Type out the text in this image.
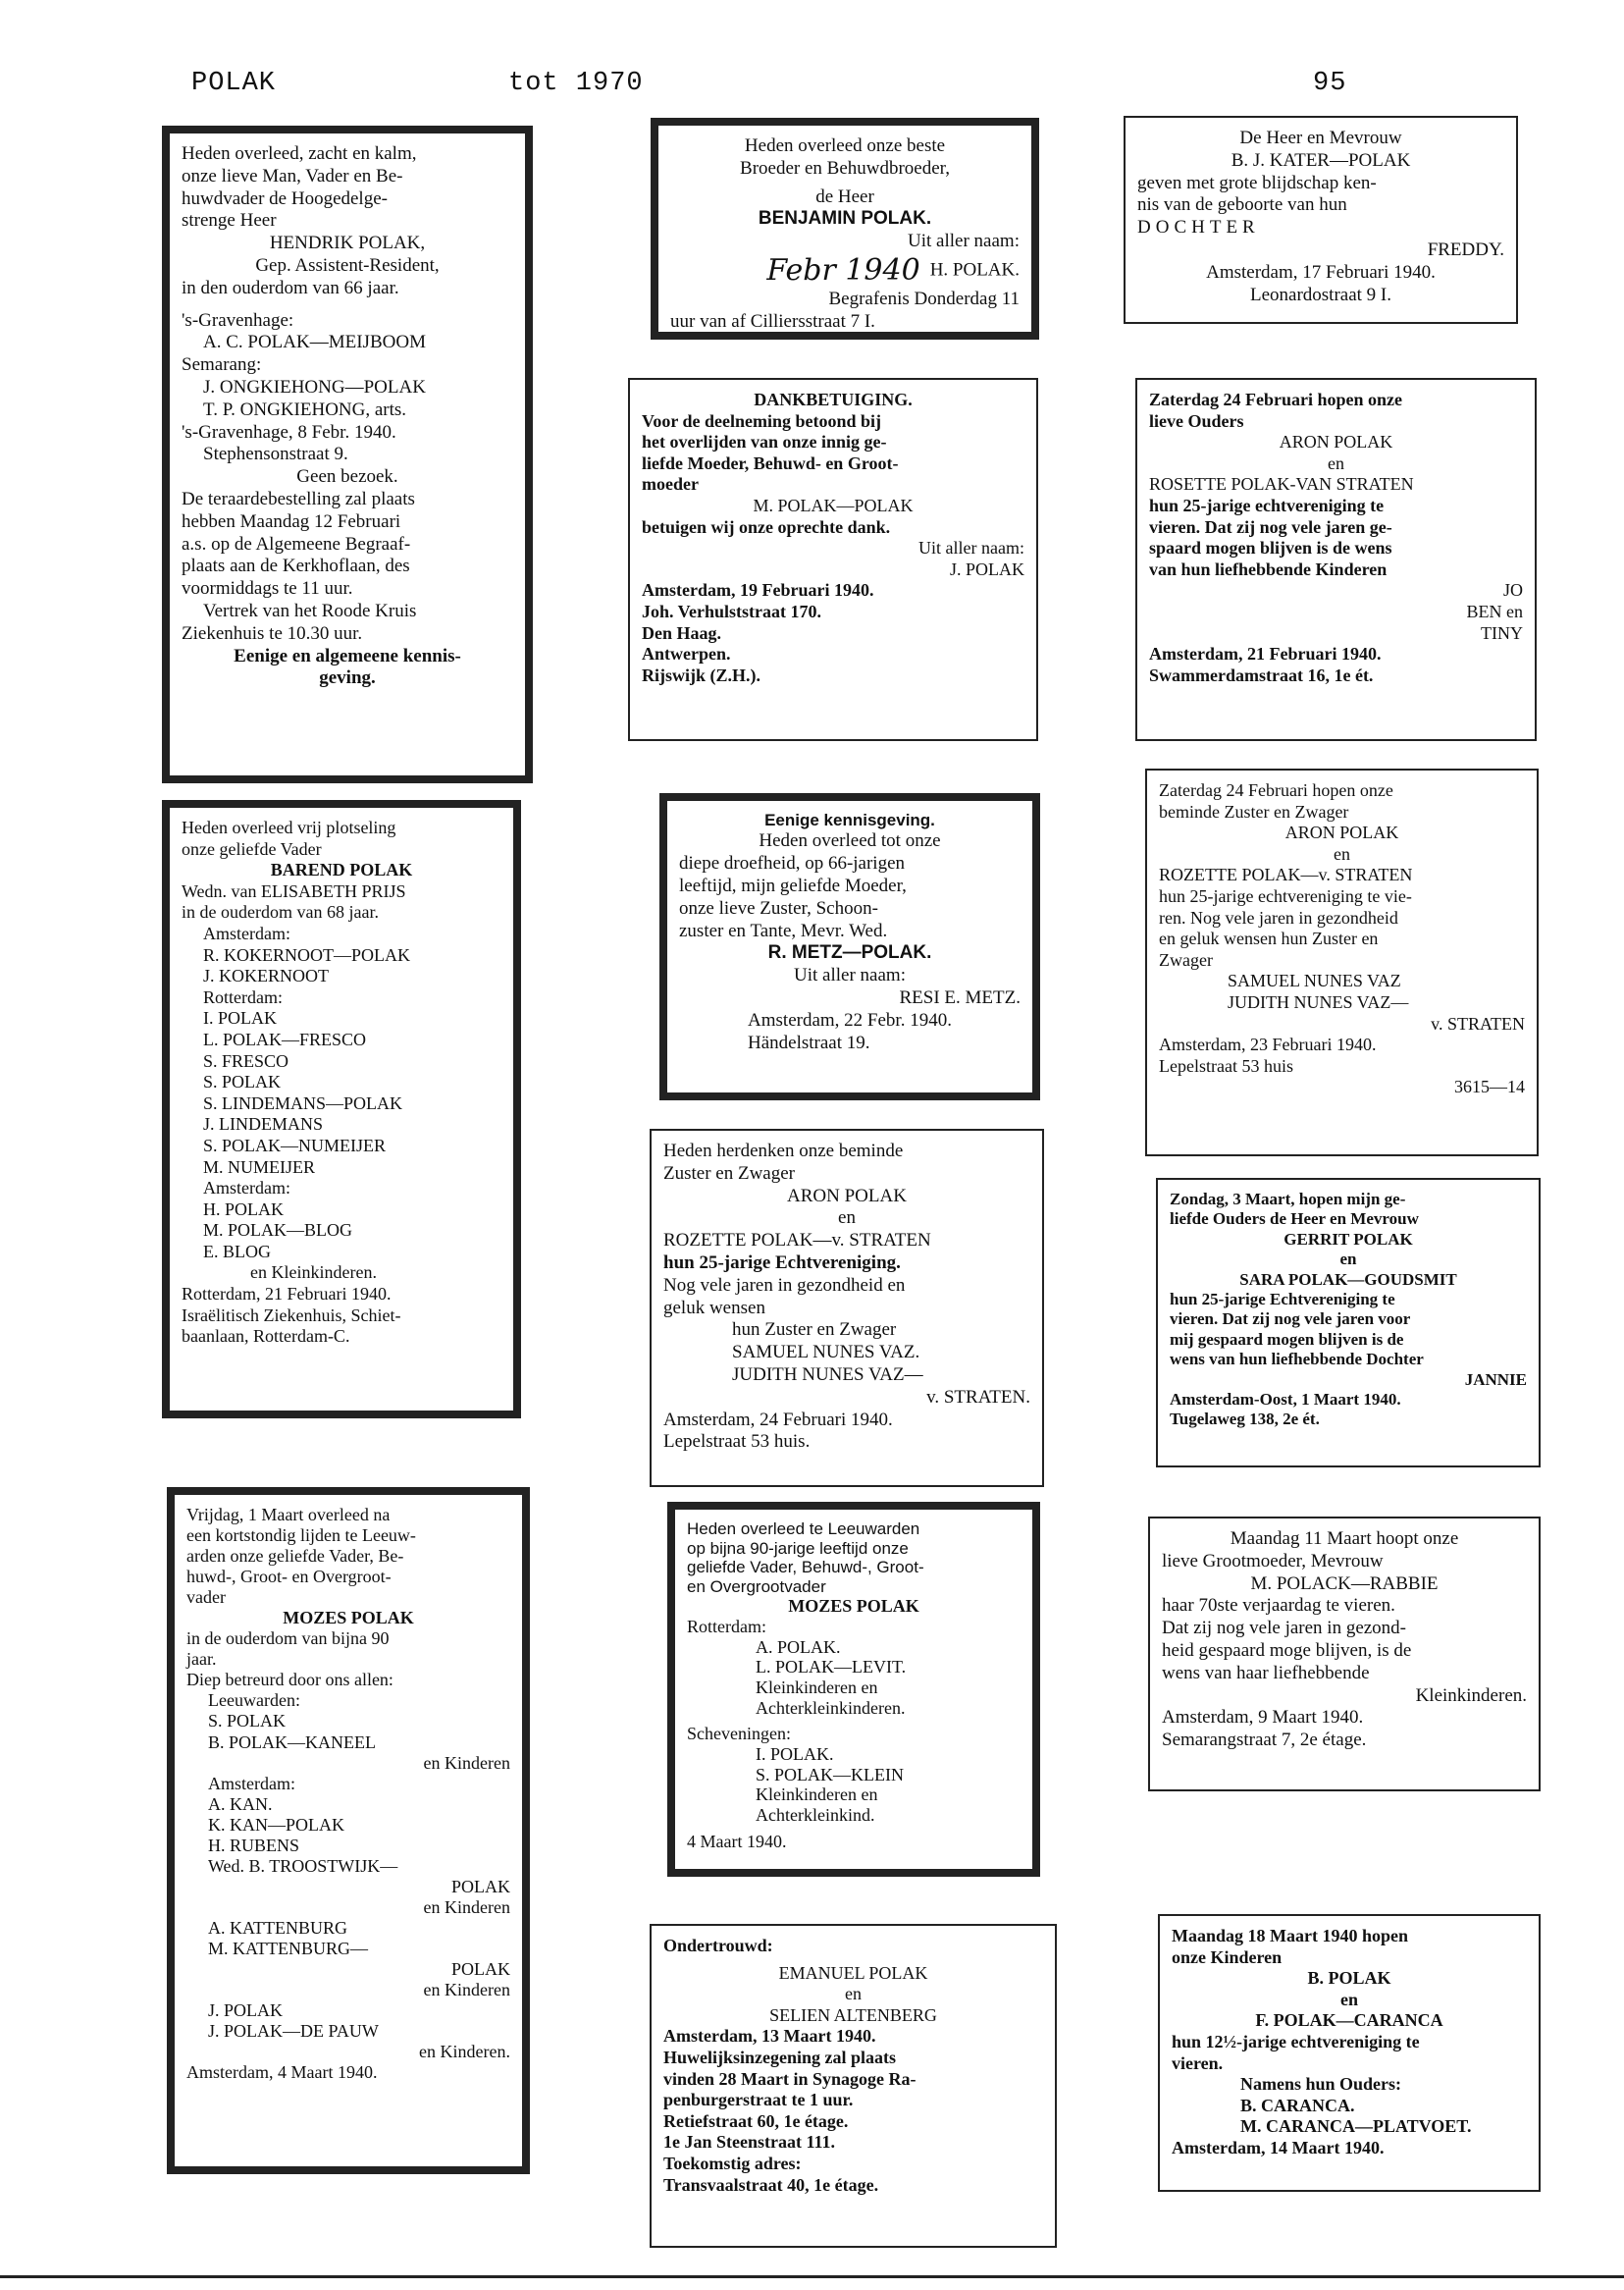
POLAK	tot 1970	95
Heden overleed, zacht en kalm,
onze lieve Man, Vader en Be-
huwdvader de Hoogedelge-
strenge Heer
HENDRIK POLAK,
Gep. Assistent-Resident,
in den ouderdom van 66 jaar.
's-Gravenhage:
A. C. POLAK—MEIJBOOM
Semarang:
J. ONGKIEHONG—POLAK
T. P. ONGKIEHONG, arts.
's-Gravenhage, 8 Febr. 1940.
Stephensonstraat 9.
Geen bezoek.
De teraardebestelling zal plaats
hebben Maandag 12 Februari
a.s. op de Algemeene Begraaf-
plaats aan de Kerkhoflaan, des
voormiddags te 11 uur.
Vertrek van het Roode Kruis
Ziekenhuis te 10.30 uur.
Eenige en algemeene kennis-
geving.
Heden overleed vrij plotseling
onze geliefde Vader
BAREND POLAK
Wedn. van ELISABETH PRIJS
in de ouderdom van 68 jaar.
Amsterdam:
R. KOKERNOOT—POLAK
J. KOKERNOOT
Rotterdam:
I. POLAK
L. POLAK—FRESCO
S. FRESCO
S. POLAK
S. LINDEMANS—POLAK
J. LINDEMANS
S. POLAK—NUMEIJER
M. NUMEIJER
Amsterdam:
H. POLAK
M. POLAK—BLOG
E. BLOG
en Kleinkinderen.
Rotterdam, 21 Februari 1940.
Israëlitisch Ziekenhuis, Schiet-
baanlaan, Rotterdam-C.
Vrijdag, 1 Maart overleed na
een kortstondig lijden te Leeuw-
arden onze geliefde Vader, Be-
huwd-, Groot- en Overgroot-
vader
MOZES POLAK
in de ouderdom van bijna 90
jaar.
Diep betreurd door ons allen:
Leeuwarden:
S. POLAK
B. POLAK—KANEEL
en Kinderen
Amsterdam:
A. KAN.
K. KAN—POLAK
H. RUBENS
Wed. B. TROOSTWIJK—
POLAK
en Kinderen
A. KATTENBURG
M. KATTENBURG—
POLAK
en Kinderen
J. POLAK
J. POLAK—DE PAUW
en Kinderen.
Amsterdam, 4 Maart 1940.
Heden overleed onze beste
Broeder en Behuwdbroeder,
de Heer
BENJAMIN POLAK.
Uit aller naam:
Febr 1940 H. POLAK.
Begrafenis Donderdag 11
uur van af Cilliersstraat 7 I.
DANKBETUIGING.
Voor de deelneming betoond bij
het overlijden van onze innig ge-
liefde Moeder, Behuwd- en Groot-
moeder
M. POLAK—POLAK
betuigen wij onze oprechte dank.
Uit aller naam:
J. POLAK
Amsterdam, 19 Februari 1940.
Joh. Verhulststraat 170.
Den Haag.
Antwerpen.
Rijswijk (Z.H.).
Eenige kennisgeving.
Heden overleed tot onze
diepe droefheid, op 66-jarigen
leeftijd, mijn geliefde Moeder,
onze lieve Zuster, Schoon-
zuster en Tante, Mevr. Wed.
R. METZ—POLAK.
Uit aller naam:
RESI E. METZ.
Amsterdam, 22 Febr. 1940.
Händelstraat 19.
Heden herdenken onze beminde
Zuster en Zwager
ARON POLAK
en
ROZETTE POLAK—v. STRATEN
hun 25-jarige Echtvereniging.
Nog vele jaren in gezondheid en
geluk wensen
hun Zuster en Zwager
SAMUEL NUNES VAZ.
JUDITH NUNES VAZ—
v. STRATEN.
Amsterdam, 24 Februari 1940.
Lepelstraat 53 huis.
Heden overleed te Leeuwarden
op bijna 90-jarige leeftijd onze
geliefde Vader, Behuwd-, Groot-
en Overgrootvader
MOZES POLAK
Rotterdam:
A. POLAK.
L. POLAK—LEVIT.
Kleinkinderen en
Achterkleinkinderen.
Scheveningen:
I. POLAK.
S. POLAK—KLEIN
Kleinkinderen en
Achterkleinkind.
4 Maart 1940.
Ondertrouwd:
EMANUEL POLAK
en
SELIEN ALTENBERG
Amsterdam, 13 Maart 1940.
Huwelijksinzegening zal plaats
vinden 28 Maart in Synagoge Ra-
penburgerstraat te 1 uur.
Retiefstraat 60, 1e étage.
1e Jan Steenstraat 111.
Toekomstig adres:
Transvaalstraat 40, 1e étage.
De Heer en Mevrouw
B. J. KATER—POLAK
geven met grote blijdschap ken-
nis van de geboorte van hun
DOCHTER
FREDDY.
Amsterdam, 17 Februari 1940.
Leonardostraat 9 I.
Zaterdag 24 Februari hopen onze
lieve Ouders
ARON POLAK
en
ROSETTE POLAK-VAN STRATEN
hun 25-jarige echtvereniging te
vieren. Dat zij nog vele jaren ge-
spaard mogen blijven is de wens
van hun liefhebbende Kinderen
JO
BEN en
TINY
Amsterdam, 21 Februari 1940.
Swammerdamstraat 16, 1e ét.
Zaterdag 24 Februari hopen onze
beminde Zuster en Zwager
ARON POLAK
en
ROZETTE POLAK—v. STRATEN
hun 25-jarige echtvereniging te vie-
ren. Nog vele jaren in gezondheid
en geluk wensen hun Zuster en
Zwager
SAMUEL NUNES VAZ
JUDITH NUNES VAZ—
v. STRATEN
Amsterdam, 23 Februari 1940.
Lepelstraat 53 huis
3615—14
Zondag, 3 Maart, hopen mijn ge-
liefde Ouders de Heer en Mevrouw
GERRIT POLAK
en
SARA POLAK—GOUDSMIT
hun 25-jarige Echtvereniging te
vieren. Dat zij nog vele jaren voor
mij gespaard mogen blijven is de
wens van hun liefhebbende Dochter
JANNIE
Amsterdam-Oost, 1 Maart 1940.
Tugelaweg 138, 2e ét.
Maandag 11 Maart hoopt onze
lieve Grootmoeder, Mevrouw
M. POLACK—RABBIE
haar 70ste verjaardag te vieren.
Dat zij nog vele jaren in gezond-
heid gespaard moge blijven, is de
wens van haar liefhebbende
Kleinkinderen.
Amsterdam, 9 Maart 1940.
Semarangstraat 7, 2e étage.
Maandag 18 Maart 1940 hopen
onze Kinderen
B. POLAK
en
F. POLAK—CARANCA
hun 12½-jarige echtvereniging te
vieren.
Namens hun Ouders:
B. CARANCA.
M. CARANCA—PLATVOET.
Amsterdam, 14 Maart 1940.
